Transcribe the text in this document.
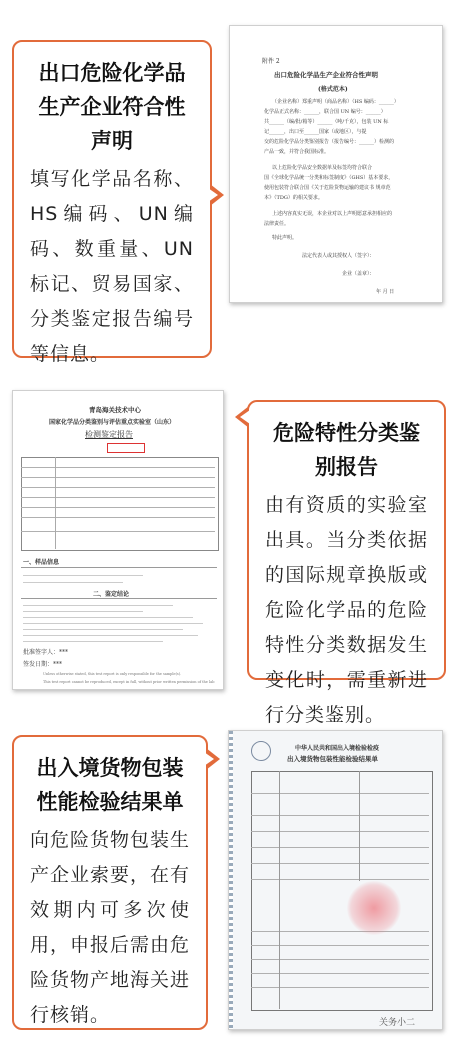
出口危险化学品生产企业符合性声明

填写化学品名称、HS编码、UN编码、数重量、UN标记、贸易国家、分类鉴定报告编号等信息。

附件 2
出口危险化学品生产企业符合性声明
(格式范本)
（企业名称）郑重声明（商品名称）（HS 编码：______）
化学品正式名称：______，联合国 UN 编号：______）
共______（编/批/箱等）______（吨/千克），包装 UN 标
记______，出口至______国家（或地区），与提
交的危险化学品分类鉴别报告（报告编号：______）检测的
产品一致，并符合我国标准。
以上危险化学品安全数据单及标签均符合联合
国《全球化学品统一分类和标签制度》（GHS）基本要求，
使用包装符合联合国《关于危险货物运输的建议书 规章范
本》（TDG）的相关要求。
上述内容真实无误，本企业对以上声明愿意承担相应的
法律责任。
特此声明。
法定代表人或其授权人（签字）：
企业（盖章）：
年 月 日
青岛海关技术中心
国家化学品分类鉴别与评估重点实验室（山东）
检测鉴定报告
一、样品信息
二、鉴定结论
批准签字人：***
签发日期：***
Unless otherwise stated, this test report is only responsible for the sample(s).
This test report cannot be reproduced, except in full, without prior written permission of the lab
危险特性分类鉴别报告

由有资质的实验室出具。当分类依据的国际规章换版或危险化学品的危险特性分类数据发生变化时，需重新进行分类鉴别。

出入境货物包装性能检验结果单

向危险货物包装生产企业索要，在有效期内可多次使用，申报后需由危险货物产地海关进行核销。

中华人民共和国出入境检验检疫
出入境货物包装性能检验结果单
关务小二
